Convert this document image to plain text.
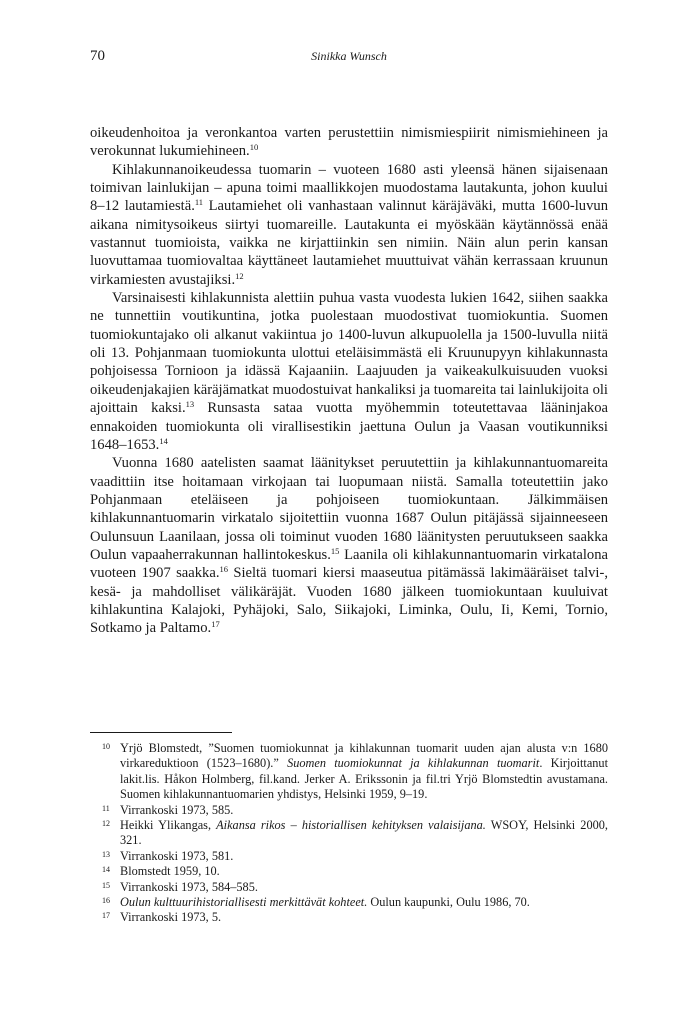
70	Sinikka Wunsch

oikeudenhoitoa ja veronkantoa varten perustettiin nimismiespiirit nimismiehineen ja verokunnat lukumiehineen.$^{10}$

Kihlakunnanoikeudessa tuomarin – vuoteen 1680 asti yleensä hänen sijaisenaan toimivan lainlukijan – apuna toimi maallikkojen muodostama lautakunta, johon kuului 8–12 lautamiestä.$^{11}$ Lautamiehet oli vanhastaan valinnut käräjäväki, mutta 1600-luvun aikana nimitysoikeus siirtyi tuomareille. Lautakunta ei myöskään käytännössä enää vastannut tuomioista, vaikka ne kirjattiinkin sen nimiin. Näin alun perin kansan luovuttamaa tuomiovaltaa käyttäneet lautamiehet muuttuivat vähän kerrassaan kruunun virkamiesten avustajiksi.$^{12}$

Varsinaisesti kihlakunnista alettiin puhua vasta vuodesta lukien 1642, siihen saakka ne tunnettiin voutikuntina, jotka puolestaan muodostivat tuomiokuntia. Suomen tuomiokuntajako oli alkanut vakiintua jo 1400-luvun alkupuolella ja 1500-luvulla niitä oli 13. Pohjanmaan tuomiokunta ulottui eteläisimmästä eli Kruunupyyn kihlakunnasta pohjoisessa Tornioon ja idässä Kajaaniin. Laajuuden ja vaikeakulkuisuuden vuoksi oikeudenjakajien käräjämatkat muodostuivat hankaliksi ja tuomareita tai lainlukijoita oli ajoittain kaksi.$^{13}$ Runsasta sataa vuotta myöhemmin toteutettavaa lääninjakoa ennakoiden tuomiokunta oli virallisestikin jaettuna Oulun ja Vaasan voutikunniksi 1648–1653.14

Vuonna 1680 aatelisten saamat läänitykset peruutettiin ja kihlakunnantuomareita vaadittiin itse hoitamaan virkojaan tai luopumaan niistä. Samalla toteutettiin jako Pohjanmaan eteläiseen ja pohjoiseen tuomiokuntaan. Jälkimmäisen kihlakunnantuomarin virkatalo sijoitettiin vuonna 1687 Oulun pitäjässä sijainneeseen Oulunsuun Laanilaan, jossa oli toiminut vuoden 1680 läänitysten peruutukseen saakka Oulun vapaaherrakunnan hallintokeskus.$^{15}$ Laanila oli kihlakunnantuomarin virkatalona vuoteen 1907 saakka.$^{16}$ Sieltä tuomari kiersi maaseutua pitämässä lakimääräiset talvi-, kesä- ja mahdolliset välikäräjät. Vuoden 1680 jälkeen tuomiokuntaan kuuluivat kihlakuntina Kalajoki, Pyhäjoki, Salo, Siikajoki, Liminka, Oulu, Ii, Kemi, Tornio, Sotkamo ja Paltamo.$^{17}$

10 Yrjö Blomstedt, ”Suomen tuomiokunnat ja kihlakunnan tuomarit uuden ajan alusta v:n 1680 virkareduktioon (1523–1680).” Suomen tuomiokunnat ja kihlakunnan tuomarit. Kirjoittanut lakit.lis. Håkon Holmberg, fil.kand. Jerker A. Erikssonin ja fil.tri Yrjö Blomstedtin avustamana. Suomen kihlakunnantuomarien yhdistys, Helsinki 1959, 9–19.
11 Virrankoski 1973, 585.
12 Heikki Ylikangas, Aikansa rikos – historiallisen kehityksen valaisijana. WSOY, Helsinki 2000, 321.
13 Virrankoski 1973, 581.
14 Blomstedt 1959, 10.
15 Virrankoski 1973, 584–585.
16 Oulun kulttuurihistoriallisesti merkittävät kohteet. Oulun kaupunki, Oulu 1986, 70.
17 Virrankoski 1973, 5.
